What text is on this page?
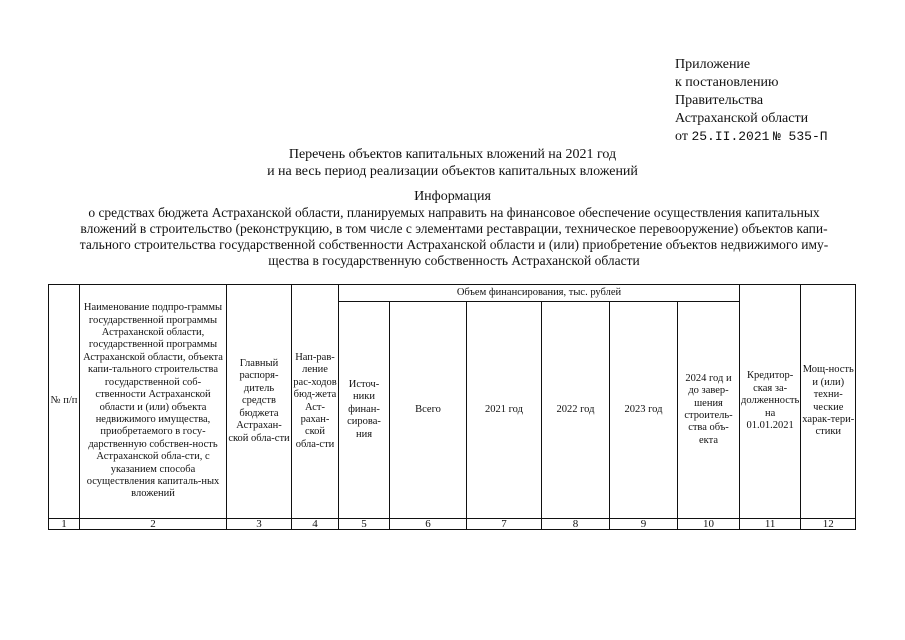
Приложение
к постановлению
Правительства
Астраханской области
от 25.II.2021 № 535-П
Перечень объектов капитальных вложений на 2021 год
и на весь период реализации объектов капитальных вложений
Информация
о средствах бюджета Астраханской области, планируемых направить на финансовое обеспечение осуществления капитальных
вложений в строительство (реконструкцию, в том числе с элементами реставрации, техническое перевооружение) объектов капи-
тального строительства государственной собственности Астраханской области и (или) приобретение объектов недвижимого иму-
щества в государственную собственность Астраханской области
№ п/п	Наименование подпро-граммы государственной программы Астраханской области, государственной программы Астраханской области, объекта капи-тального строительства государственной соб-ственности Астраханской области и (или) объекта недвижимого имущества, приобретаемого в госу-дарственную собствен-ность Астраханской обла-сти, с указанием способа осуществления капиталь-ных вложений	Главный распоря-дитель средств бюджета Астрахан-ской обла-сти	Нап-рав-ление рас-ходов бюд-жета Аст-рахан-ской обла-сти	Объем финансирования, тыс. рублей						Кредитор-ская за-долженность на 01.01.2021	Мощ-ность и (или) техни-ческие харак-тери-стики
				Источ-ники финан-сирова-ния	Всего	2021 год	2022 год	2023 год	2024 год и до завер-шения строитель-ства объ-екта		
1	2	3	4	5	6	7	8	9	10	11	12
